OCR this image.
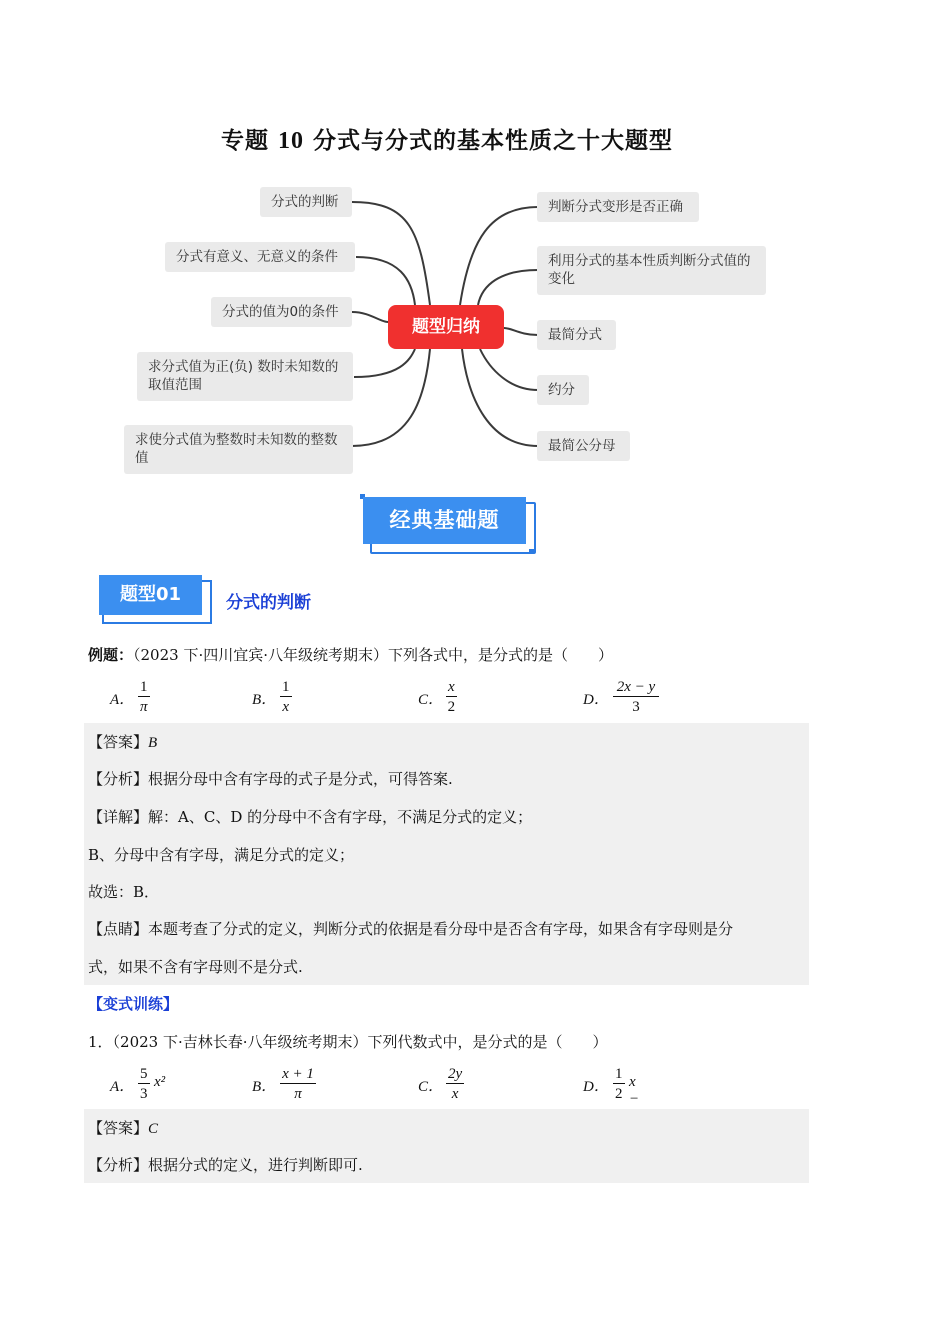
专题 10 分式与分式的基本性质之十大题型
分式的判断
分式有意义、无意义的条件
分式的值为0的条件
求分式值为正(负) 数时未知数的取值范围
求使分式值为整数时未知数的整数值
题型归纳
判断分式变形是否正确
利用分式的基本性质判断分式值的变化
最简分式
约分
最简公分母
经典基础题
题型01	分式的判断
例题：（2023 下·四川宜宾·八年级统考期末）下列各式中，是分式的是（　　）
A． $\frac{1}{\pi}$	B． $\frac{1}{x}$	C． $\frac{x}{2}$	D． $\frac{2x - y}{3}$
【答案】B
【分析】根据分母中含有字母的式子是分式，可得答案.
【详解】解：A、C、D 的分母中不含有字母，不满足分式的定义；
B、分母中含有字母，满足分式的定义；
故选：B．
【点睛】本题考查了分式的定义，判断分式的依据是看分母中是否含有字母，如果含有字母则是分
式，如果不含有字母则不是分式.
【变式训练】
1．（2023 下·吉林长春·八年级统考期末）下列代数式中，是分式的是（　　）
A． $\frac{5}{3} x^2$	B． $\frac{x + 1}{\pi}$	C． $\frac{2y}{x}$	D． $\frac{1}{2}$ x −
【答案】C
【分析】根据分式的定义，进行判断即可.
